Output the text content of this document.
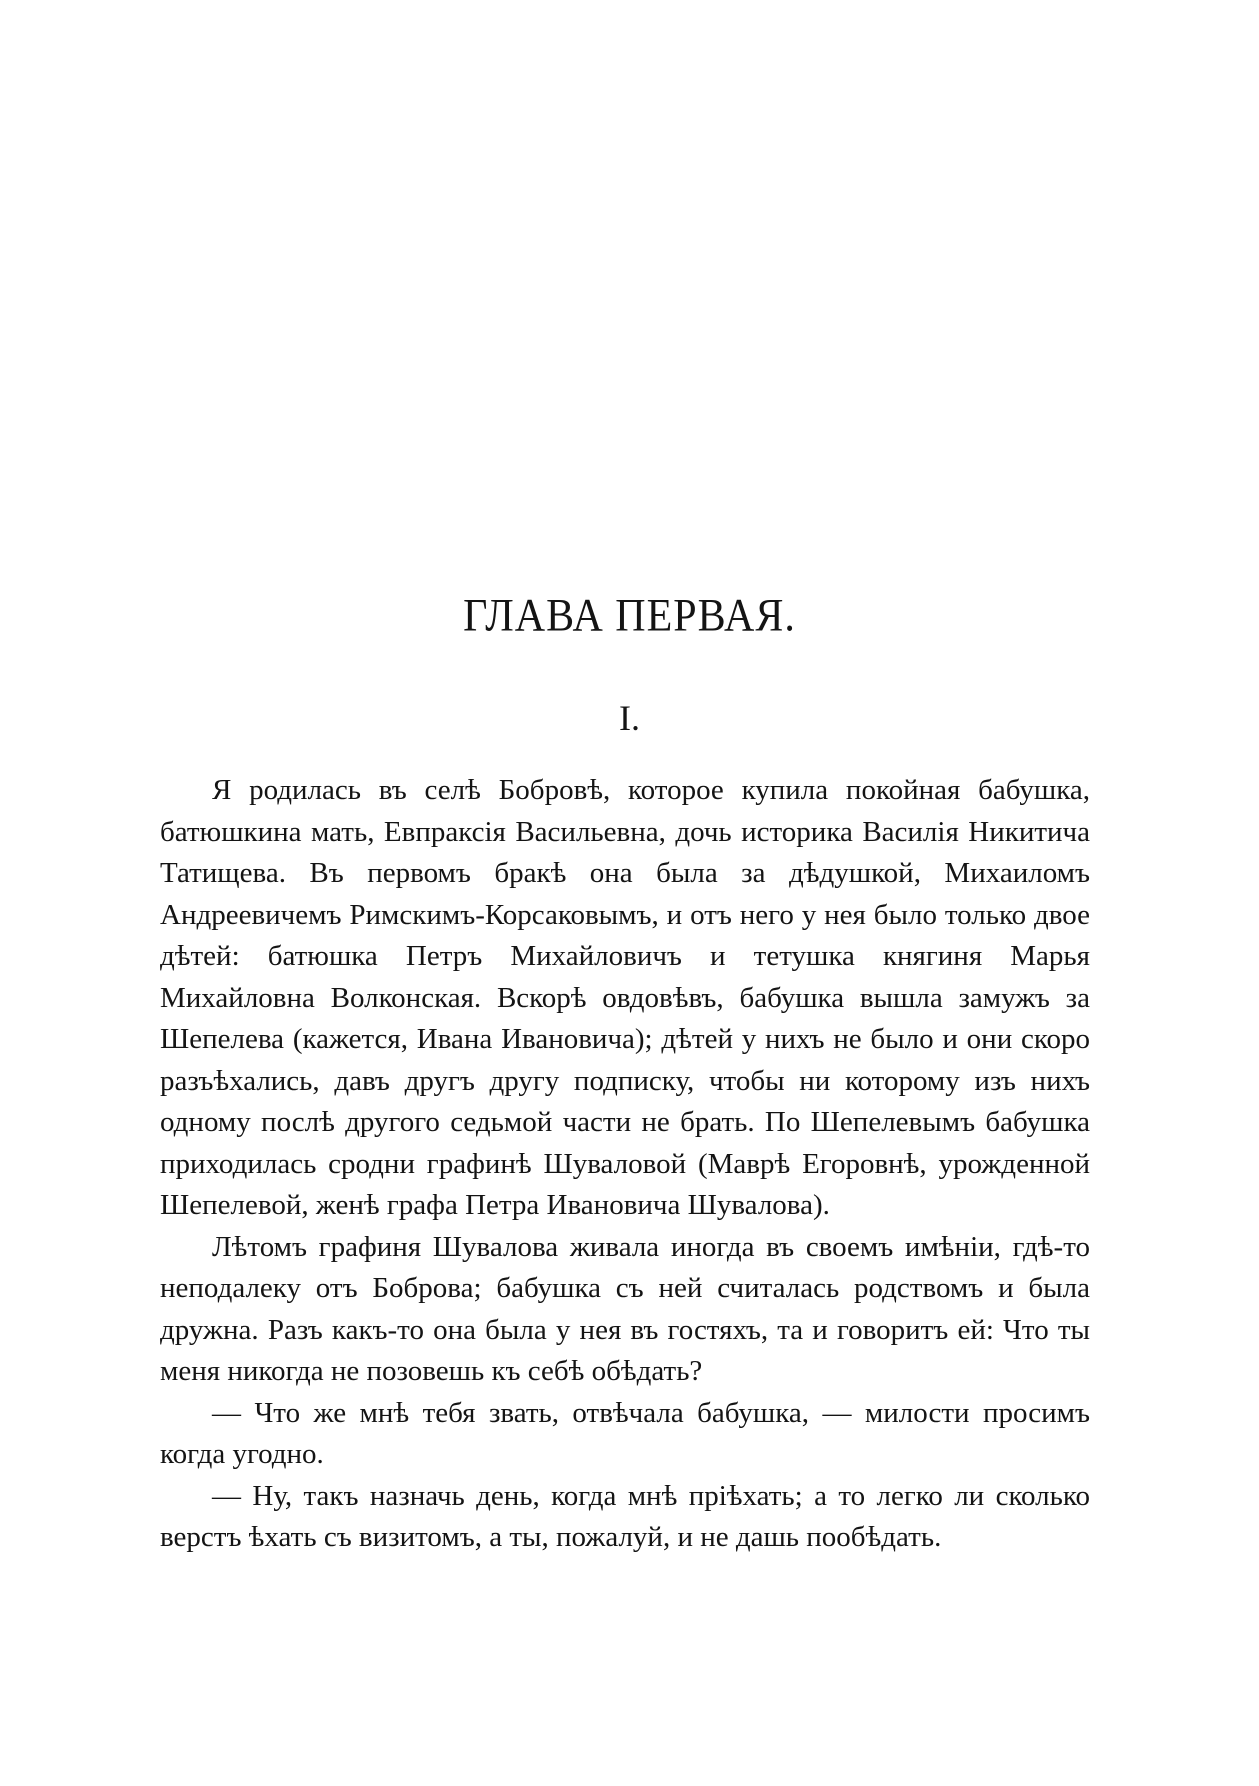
ГЛАВА ПЕРВАЯ.
I.

Я родилась въ селѣ Бобровѣ, которое купила покойная бабушка, батюшкина мать, Евпраксія Васильевна, дочь историка Василія Никитича Татищева. Въ первомъ бракѣ она была за дѣдушкой, Михаиломъ Андреевичемъ Римскимъ-Корсаковымъ, и отъ него у нея было только двое дѣтей: батюшка Петръ Михайловичъ и тетушка княгиня Марья Михайловна Волконская. Вскорѣ овдовѣвъ, бабушка вышла замужъ за Шепелева (кажется, Ивана Ивановича); дѣтей у нихъ не было и они скоро разъѣхались, давъ другъ другу подписку, чтобы ни которому изъ нихъ одному послѣ другого седьмой части не брать. По Шепелевымъ бабушка приходилась сродни графинѣ Шуваловой (Маврѣ Егоровнѣ, урожденной Шепелевой, женѣ графа Петра Ивановича Шувалова).

Лѣтомъ графиня Шувалова живала иногда въ своемъ имѣніи, гдѣ-то неподалеку отъ Боброва; бабушка съ ней считалась родствомъ и была дружна. Разъ какъ-то она была у нея въ гостяхъ, та и говоритъ ей: Что ты меня никогда не позовешь къ себѣ обѣдать?

— Что же мнѣ тебя звать, отвѣчала бабушка, — милости просимъ когда угодно.

— Ну, такъ назначь день, когда мнѣ пріѣхать; а то легко ли сколько верстъ ѣхать съ визитомъ, а ты, пожалуй, и не дашь пообѣдать.
